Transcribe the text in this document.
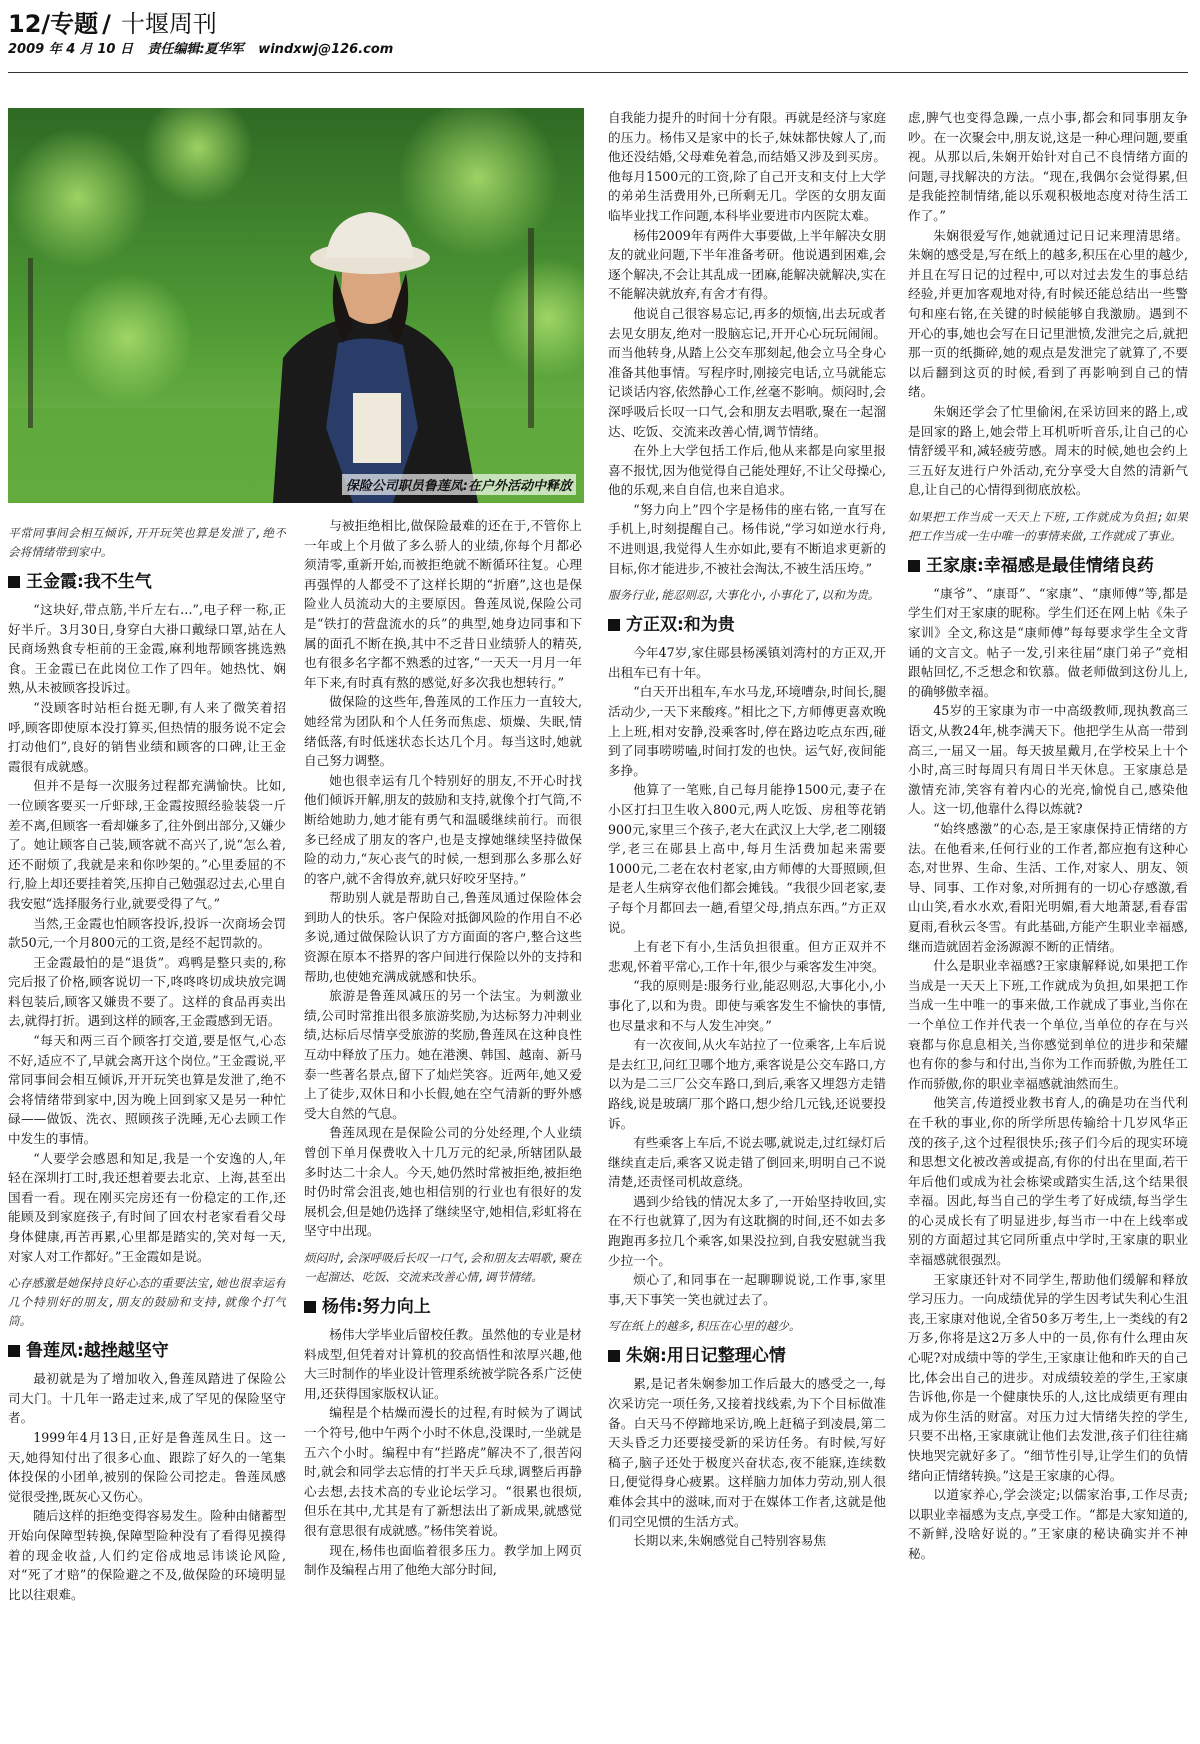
12/专题 / 十堰周刊
2009 年 4 月 10 日 责任编辑:夏华军 windxwj@126.com
保险公司职员鲁莲凤:在户外活动中释放
平常同事间会相互倾诉,开开玩笑也算是发泄了,绝不会将情绪带到家中。
王金霞:我不生气

“这块好,带点筋,半斤左右…”,电子秤一称,正好半斤。3月30日,身穿白大褂口戴绿口罩,站在人民商场熟食专柜前的王金霞,麻利地帮顾客挑选熟食。王金霞已在此岗位工作了四年。她热忱、娴熟,从未被顾客投诉过。

“没顾客时站柜台挺无聊,有人来了微笑着招呼,顾客即使原本没打算买,但热情的服务说不定会打动他们”,良好的销售业绩和顾客的口碑,让王金霞很有成就感。

但并不是每一次服务过程都充满愉快。比如,一位顾客要买一斤虾球,王金霞按照经验装袋一斤差不离,但顾客一看却嫌多了,往外倒出部分,又嫌少了。她让顾客自己装,顾客就不高兴了,说“怎么着,还不耐烦了,我就是来和你吵架的。”心里委屈的不行,脸上却还要挂着笑,压抑自己勉强忍过去,心里自我安慰“选择服务行业,就要受得了气。”

当然,王金霞也怕顾客投诉,投诉一次商场会罚款50元,一个月800元的工资,是经不起罚款的。

王金霞最怕的是“退货”。鸡鸭是整只卖的,称完后报了价格,顾客说切一下,咚咚咚切成块放完调料包装后,顾客又嫌贵不要了。这样的食品再卖出去,就得打折。遇到这样的顾客,王金霞感到无语。

“每天和两三百个顾客打交道,要是怄气,心态不好,适应不了,早就会离开这个岗位。”王金霞说,平常同事间会相互倾诉,开开玩笑也算是发泄了,绝不会将情绪带到家中,因为晚上回到家又是另一种忙碌——做饭、洗衣、照顾孩子洗睡,无心去顾工作中发生的事情。

“人要学会感恩和知足,我是一个安逸的人,年轻在深圳打工时,我还想着要去北京、上海,甚至出国看一看。现在刚买完房还有一份稳定的工作,还能顾及到家庭孩子,有时间了回农村老家看看父母身体健康,再苦再累,心里都是踏实的,笑对每一天,对家人对工作都好。”王金霞如是说。

心存感激是她保持良好心态的重要法宝,她也很幸运有几个特别好的朋友,朋友的鼓励和支持,就像个打气筒。
鲁莲凤:越挫越坚守

最初就是为了增加收入,鲁莲凤踏进了保险公司大门。十几年一路走过来,成了罕见的保险坚守者。

1999年4月13日,正好是鲁莲凤生日。这一天,她得知付出了很多心血、跟踪了好久的一笔集体投保的小团单,被别的保险公司挖走。鲁莲凤感觉很受挫,既灰心又伤心。

随后这样的拒绝变得容易发生。险种由储蓄型开始向保障型转换,保障型险种没有了看得见摸得着的现金收益,人们约定俗成地忌讳谈论风险,对“死了才赔”的保险避之不及,做保险的环境明显比以往艰难。

与被拒绝相比,做保险最难的还在于,不管你上一年或上个月做了多么骄人的业绩,你每个月都必须清零,重新开始,而被拒绝就不断循环往复。心理再强悍的人都受不了这样长期的“折磨”,这也是保险业人员流动大的主要原因。鲁莲凤说,保险公司是“铁打的营盘流水的兵”的典型,她身边同事和下属的面孔不断在换,其中不乏昔日业绩骄人的精英,也有很多名字都不熟悉的过客,“一天天一月月一年年下来,有时真有熬的感觉,好多次我也想转行。”

做保险的这些年,鲁莲凤的工作压力一直较大,她经常为团队和个人任务而焦虑、烦燥、失眠,情绪低落,有时低迷状态长达几个月。每当这时,她就自己努力调整。

她也很幸运有几个特别好的朋友,不开心时找他们倾诉开解,朋友的鼓励和支持,就像个打气筒,不断给她助力,她才能有勇气和温暖继续前行。而很多已经成了朋友的客户,也是支撑她继续坚持做保险的动力,“灰心丧气的时候,一想到那么多那么好的客户,就不舍得放弃,就只好咬牙坚持。”

帮助别人就是帮助自己,鲁莲凤通过保险体会到助人的快乐。客户保险对抵御风险的作用自不必多说,通过做保险认识了方方面面的客户,整合这些资源在原本不搭界的客户间进行保险以外的支持和帮助,也使她充满成就感和快乐。

旅游是鲁莲凤减压的另一个法宝。为刺激业绩,公司时常推出很多旅游奖励,为达标努力冲刺业绩,达标后尽情享受旅游的奖励,鲁莲凤在这种良性互动中释放了压力。她在港澳、韩国、越南、新马泰一些著名景点,留下了灿烂笑容。近两年,她又爱上了徒步,双休日和小长假,她在空气清新的野外感受大自然的气息。

鲁莲凤现在是保险公司的分处经理,个人业绩曾创下单月保费收入十几万元的纪录,所辖团队最多时达二十余人。今天,她仍然时常被拒绝,被拒绝时仍时常会沮丧,她也相信别的行业也有很好的发展机会,但是她仍选择了继续坚守,她相信,彩虹将在坚守中出现。

烦闷时,会深呼吸后长叹一口气,会和朋友去唱歌,聚在一起溜达、吃饭、交流来改善心情,调节情绪。
杨伟:努力向上

杨伟大学毕业后留校任教。虽然他的专业是材料成型,但凭着对计算机的狡高悟性和浓厚兴趣,他大三时制作的毕业设计管理系统被学院各系广泛使用,还获得国家版权认证。

编程是个枯燥而漫长的过程,有时候为了调试一个符号,他中午两个小时不休息,没课时,一坐就是五六个小时。编程中有“拦路虎”解决不了,很苦闷时,就会和同学去忘情的打半天乒乓球,调整后再静心去想,去技术高的专业论坛学习。“很累也很烦,但乐在其中,尤其是有了新想法出了新成果,就感觉很有意思很有成就感。”杨伟笑着说。

现在,杨伟也面临着很多压力。教学加上网页制作及编程占用了他绝大部分时间,

自我能力提升的时间十分有限。再就是经济与家庭的压力。杨伟又是家中的长子,妹妹都快嫁人了,而他还没结婚,父母难免着急,而结婚又涉及到买房。他每月1500元的工资,除了自己开支和支付上大学的弟弟生活费用外,已所剩无几。学医的女朋友面临毕业找工作问题,本科毕业要进市内医院太难。

杨伟2009年有两件大事要做,上半年解决女朋友的就业问题,下半年准备考研。他说遇到困难,会逐个解决,不会让其乱成一团麻,能解决就解决,实在不能解决就放弃,有舍才有得。

他说自己很容易忘记,再多的烦恼,出去玩或者去见女朋友,绝对一股脑忘记,开开心心玩玩闹闹。而当他转身,从踏上公交车那刻起,他会立马全身心准备其他事情。写程序时,刚接完电话,立马就能忘记谈话内容,依然静心工作,丝毫不影响。烦闷时,会深呼吸后长叹一口气,会和朋友去唱歌,聚在一起溜达、吃饭、交流来改善心情,调节情绪。

在外上大学包括工作后,他从来都是向家里报喜不报忧,因为他觉得自己能处理好,不让父母操心,他的乐观,来自自信,也来自追求。

“努力向上”四个字是杨伟的座右铭,一直写在手机上,时刻提醒自己。杨伟说,“学习如逆水行舟,不进则退,我觉得人生亦如此,要有不断追求更新的目标,你才能进步,不被社会淘汰,不被生活压垮。”

服务行业,能忍则忍,大事化小,小事化了,以和为贵。
方正双:和为贵

今年47岁,家住郧县杨溪镇刘湾村的方正双,开出租车已有十年。

“白天开出租车,车水马龙,环境嘈杂,时间长,腿活动少,一天下来酸疼。”相比之下,方师傅更喜欢晚上上班,相对安静,没乘客时,停在路边吃点东西,碰到了同事唠唠嗑,时间打发的也快。运气好,夜间能多挣。

他算了一笔账,自己每月能挣1500元,妻子在小区打扫卫生收入800元,两人吃饭、房租等花销900元,家里三个孩子,老大在武汉上大学,老二刚辍学,老三在郧县上高中,每月生活费加起来需要1000元,二老在农村老家,由方师傅的大哥照顾,但是老人生病穿衣他们都会摊钱。“我很少回老家,妻子每个月都回去一趟,看望父母,捎点东西。”方正双说。

上有老下有小,生活负担很重。但方正双并不悲观,怀着平常心,工作十年,很少与乘客发生冲突。

“我的原则是:服务行业,能忍则忍,大事化小,小事化了,以和为贵。即使与乘客发生不愉快的事情,也尽量求和不与人发生冲突。”

有一次夜间,从火车站拉了一位乘客,上车后说是去红卫,问红卫哪个地方,乘客说是公交车路口,方以为是二三厂公交车路口,到后,乘客又埋怨方走错路线,说是玻璃厂那个路口,想少给几元钱,还说要投诉。

有些乘客上车后,不说去哪,就说走,过红绿灯后继续直走后,乘客又说走错了倒回来,明明自己不说清楚,还责怪司机故意绕。

遇到少给钱的情况太多了,一开始坚持收回,实在不行也就算了,因为有这耽搁的时间,还不如去多跑跑再多拉几个乘客,如果没拉到,自我安慰就当我少拉一个。

烦心了,和同事在一起聊聊说说,工作事,家里事,天下事笑一笑也就过去了。

写在纸上的越多,积压在心里的越少。
朱娴:用日记整理心情

累,是记者朱娴参加工作后最大的感受之一,每次采访完一项任务,又接着找线索,为下个目标做准备。白天马不停蹄地采访,晚上赶稿子到凌晨,第二天头昏乏力还要接受新的采访任务。有时候,写好稿子,脑子还处于极度兴奋状态,夜不能寐,连续数日,便觉得身心疲累。这样脑力加体力劳动,别人很难体会其中的滋味,而对于在媒体工作者,这就是他们司空见惯的生活方式。

长期以来,朱娴感觉自己特别容易焦

虑,脾气也变得急躁,一点小事,都会和同事朋友争吵。在一次聚会中,朋友说,这是一种心理问题,要重视。从那以后,朱娴开始针对自己不良情绪方面的问题,寻找解决的方法。“现在,我偶尔会觉得累,但是我能控制情绪,能以乐观积极地态度对待生活工作了。”

朱娴很爱写作,她就通过记日记来理清思绪。朱娴的感受是,写在纸上的越多,积压在心里的越少,并且在写日记的过程中,可以对过去发生的事总结经验,并更加客观地对待,有时候还能总结出一些警句和座右铭,在关键的时候能够自我激励。遇到不开心的事,她也会写在日记里泄愤,发泄完之后,就把那一页的纸撕碎,她的观点是发泄完了就算了,不要以后翻到这页的时候,看到了再影响到自己的情绪。

朱娴还学会了忙里偷闲,在采访回来的路上,或是回家的路上,她会带上耳机听听音乐,让自己的心情舒缓平和,减轻疲劳感。周末的时候,她也会约上三五好友进行户外活动,充分享受大自然的清新气息,让自己的心情得到彻底放松。

如果把工作当成一天天上下班,工作就成为负担;如果把工作当成一生中唯一的事情来做,工作就成了事业。
王家康:幸福感是最佳情绪良药

“康爷”、“康哥”、“家康”、“康师傅”等,都是学生们对王家康的昵称。学生们还在网上帖《朱子家训》全文,称这是“康师傅”每每要求学生全文背诵的文言文。帖子一发,引来往届“康门弟子”竞相跟帖回忆,不乏想念和钦慕。做老师做到这份儿上,的确够傲幸福。

45岁的王家康为市一中高级教师,现执教高三语文,从教24年,桃李满天下。他把学生从高一带到高三,一届又一届。每天披星戴月,在学校呆上十个小时,高三时每周只有周日半天休息。王家康总是激情充沛,笑容有着内心的光亮,愉悦自己,感染他人。这一切,他靠什么得以炼就?

“始终感激”的心态,是王家康保持正情绪的方法。在他看来,任何行业的工作者,都应抱有这种心态,对世界、生命、生活、工作,对家人、朋友、领导、同事、工作对象,对所拥有的一切心存感激,看山山笑,看水水欢,看阳光明媚,看大地萧瑟,看春雷夏雨,看秋云冬雪。有此基础,方能产生职业幸福感,继而造就固若金汤源源不断的正情绪。

什么是职业幸福感?王家康解释说,如果把工作当成是一天天上下班,工作就成为负担,如果把工作当成一生中唯一的事来做,工作就成了事业,当你在一个单位工作并代表一个单位,当单位的存在与兴衰都与你息息相关,当你感觉到单位的进步和荣耀也有你的参与和付出,当你为工作而骄傲,为胜任工作而骄傲,你的职业幸福感就油然而生。

他笑言,传道授业教书育人,的确是功在当代利在千秋的事业,你的所学所思传输给十几岁风华正茂的孩子,这个过程很快乐;孩子们今后的现实环境和思想文化被改善或提高,有你的付出在里面,若干年后他们或成为社会栋梁或踏实生活,这个结果很幸福。因此,每当自己的学生考了好成绩,每当学生的心灵成长有了明显进步,每当市一中在上线率或别的方面超过其它同所重点中学时,王家康的职业幸福感就很强烈。

王家康还针对不同学生,帮助他们缓解和释放学习压力。一向成绩优异的学生因考试失利心生沮丧,王家康对他说,全省50多万考生,上一类线的有2万多,你将是这2万多人中的一员,你有什么理由灰心呢?对成绩中等的学生,王家康让他和昨天的自己比,体会出自己的进步。对成绩较差的学生,王家康告诉他,你是一个健康快乐的人,这比成绩更有理由成为你生活的财富。对压力过大情绪失控的学生,只要不出格,王家康就让他们去发泄,孩子们往往痛快地哭完就好多了。“细节性引导,让学生们的负情绪向正情绪转换。”这是王家康的心得。

以道家养心,学会淡定;以儒家治事,工作尽责;以职业幸福感为支点,享受工作。“都是大家知道的,不新鲜,没啥好说的。”王家康的秘诀确实并不神秘。
